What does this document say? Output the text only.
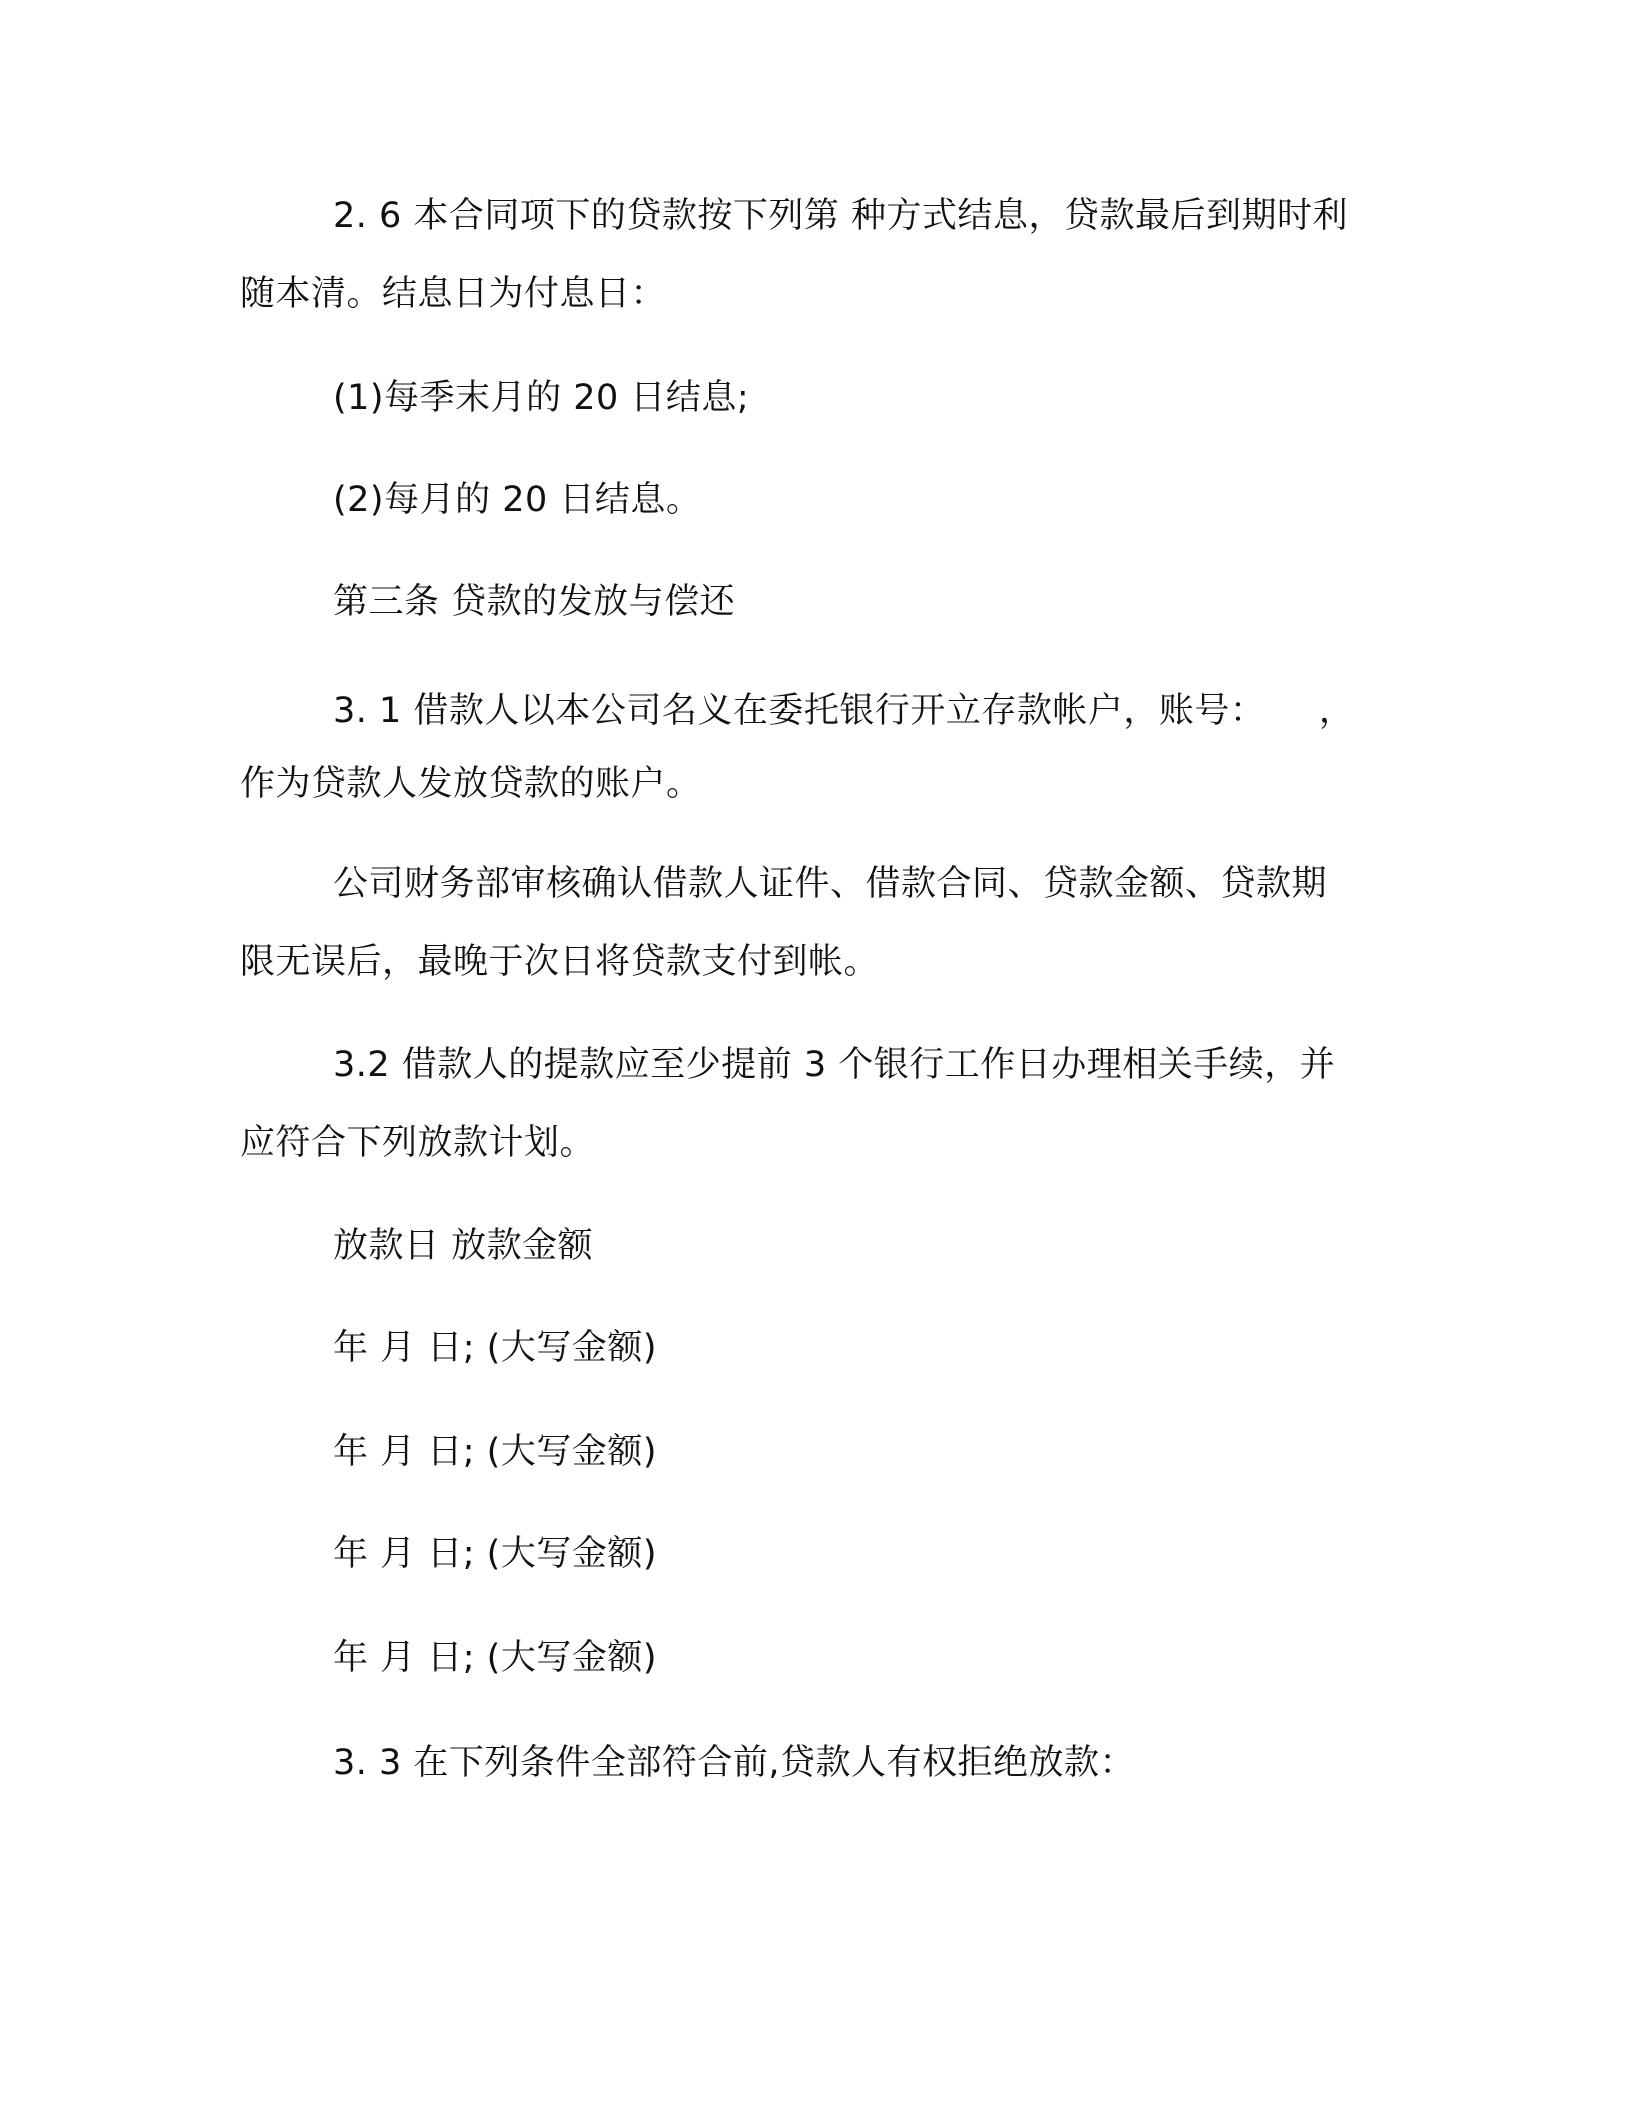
2. 6 本合同项下的贷款按下列第 种方式结息，贷款最后到期时利
随本清。结息日为付息日：
(1)每季末月的 20 日结息;
(2)每月的 20 日结息。
第三条 贷款的发放与偿还
3. 1 借款人以本公司名义在委托银行开立存款帐户，账号：　　，
作为贷款人发放贷款的账户。
公司财务部审核确认借款人证件、借款合同、贷款金额、贷款期
限无误后，最晚于次日将贷款支付到帐。
3.2 借款人的提款应至少提前 3 个银行工作日办理相关手续，并
应符合下列放款计划。
放款日 放款金额
年 月 日; (大写金额)
年 月 日; (大写金额)
年 月 日; (大写金额)
年 月 日; (大写金额)
3. 3 在下列条件全部符合前,贷款人有权拒绝放款：
